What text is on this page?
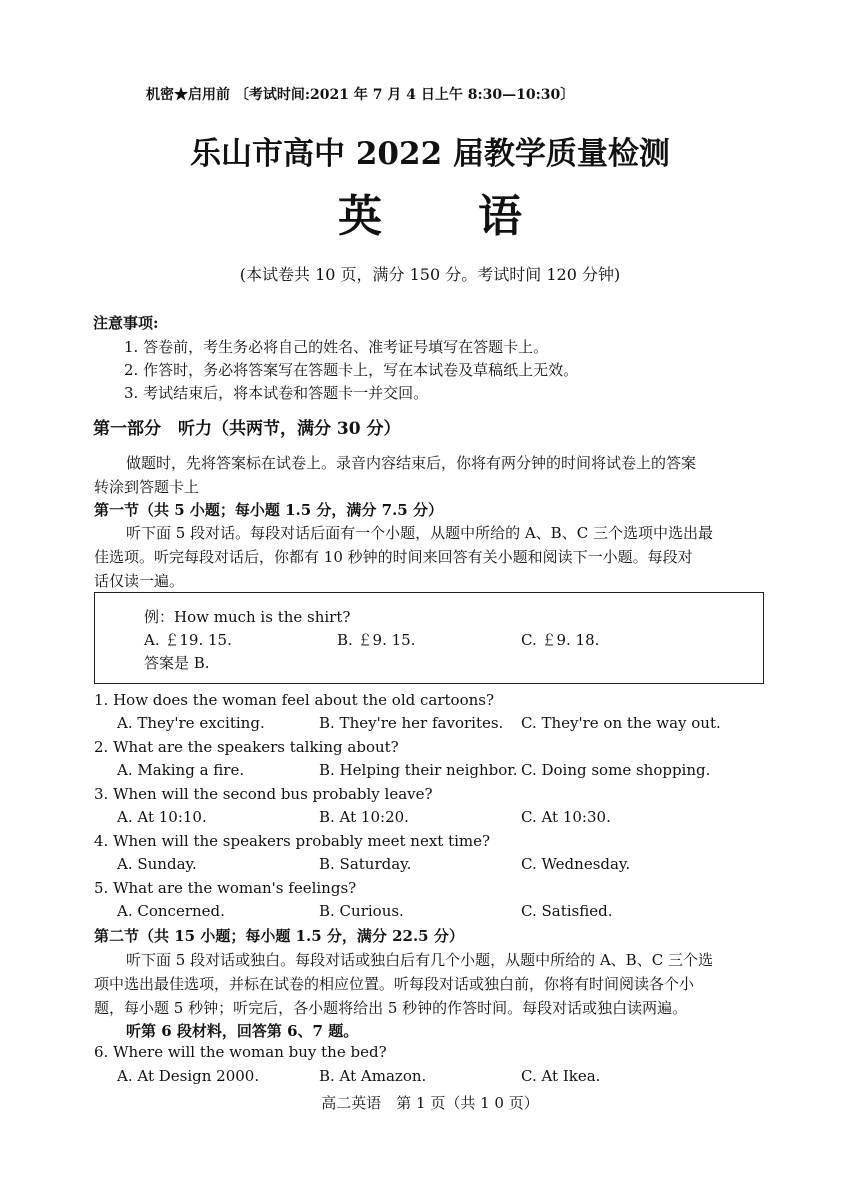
机密★启用前 〔考试时间:2021 年 7 月 4 日上午 8:30—10:30〕
乐山市高中 2022 届教学质量检测
英语
(本试卷共 10 页，满分 150 分。考试时间 120 分钟)
注意事项:
1. 答卷前，考生务必将自己的姓名、准考证号填写在答题卡上。
2. 作答时，务必将答案写在答题卡上，写在本试卷及草稿纸上无效。
3. 考试结束后，将本试卷和答题卡一并交回。
第一部分　听力（共两节，满分 30 分）
做题时，先将答案标在试卷上。录音内容结束后，你将有两分钟的时间将试卷上的答案
转涂到答题卡上
第一节（共 5 小题；每小题 1.5 分，满分 7.5 分）
听下面 5 段对话。每段对话后面有一个小题，从题中所给的 A、B、C 三个选项中选出最
佳选项。听完每段对话后，你都有 10 秒钟的时间来回答有关小题和阅读下一小题。每段对
话仅读一遍。
例：How much is the shirt?
A. ￡19. 15.	B. ￡9. 15.	C. ￡9. 18.
答案是 B.
1. How does the woman feel about the old cartoons?
A. They're exciting.	B. They're her favorites. C. They're on the way out.
2. What are the speakers talking about?
A. Making a fire.	B. Helping their neighbor. C. Doing some shopping.
3. When will the second bus probably leave?
A. At 10:10.	B. At 10:20.	C. At 10:30.
4. When will the speakers probably meet next time?
A. Sunday.	B. Saturday.	C. Wednesday.
5. What are the woman's feelings?
A. Concerned.	B. Curious.	C. Satisfied.
第二节（共 15 小题；每小题 1.5 分，满分 22.5 分）
听下面 5 段对话或独白。每段对话或独白后有几个小题，从题中所给的 A、B、C 三个选
项中选出最佳选项，并标在试卷的相应位置。听每段对话或独白前，你将有时间阅读各个小
题，每小题 5 秒钟；听完后，各小题将给出 5 秒钟的作答时间。每段对话或独白读两遍。
听第 6 段材料，回答第 6、7 题。
6. Where will the woman buy the bed?
A. At Design 2000.	B. At Amazon.	C. At Ikea.
高二英语　第 1 页（共 1 0 页）
